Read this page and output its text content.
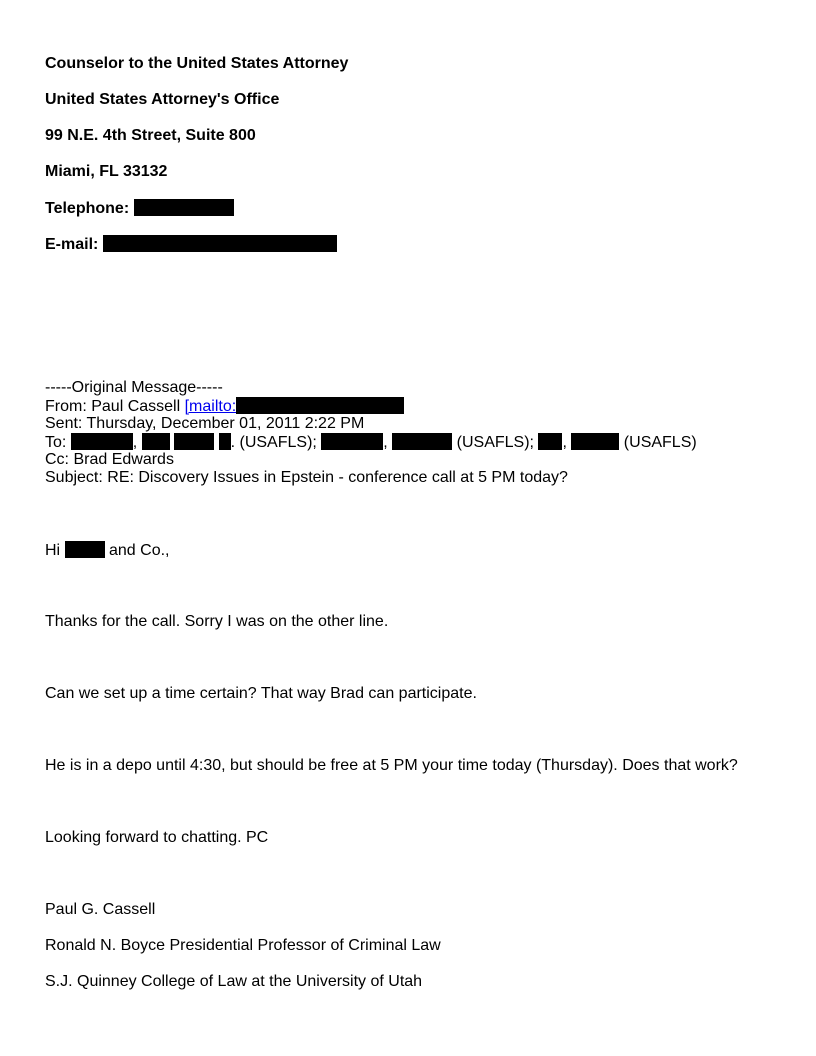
Counselor to the United States Attorney
United States Attorney's Office
99 N.E. 4th Street, Suite 800
Miami, FL 33132
Telephone:
E-mail:
-----Original Message-----
From: Paul Cassell [mailto:
Sent: Thursday, December 01, 2011 2:22 PM
To:	,	. (USAFLS);	,	(USAFLS); ,	(USAFLS)
Cc: Brad Edwards
Subject: RE: Discovery Issues in Epstein - conference call at 5 PM today?
Hi	and Co.,
Thanks for the call. Sorry I was on the other line.
Can we set up a time certain? That way Brad can participate.
He is in a depo until 4:30, but should be free at 5 PM your time today (Thursday). Does that work?
Looking forward to chatting. PC
Paul G. Cassell
Ronald N. Boyce Presidential Professor of Criminal Law
S.J. Quinney College of Law at the University of Utah
